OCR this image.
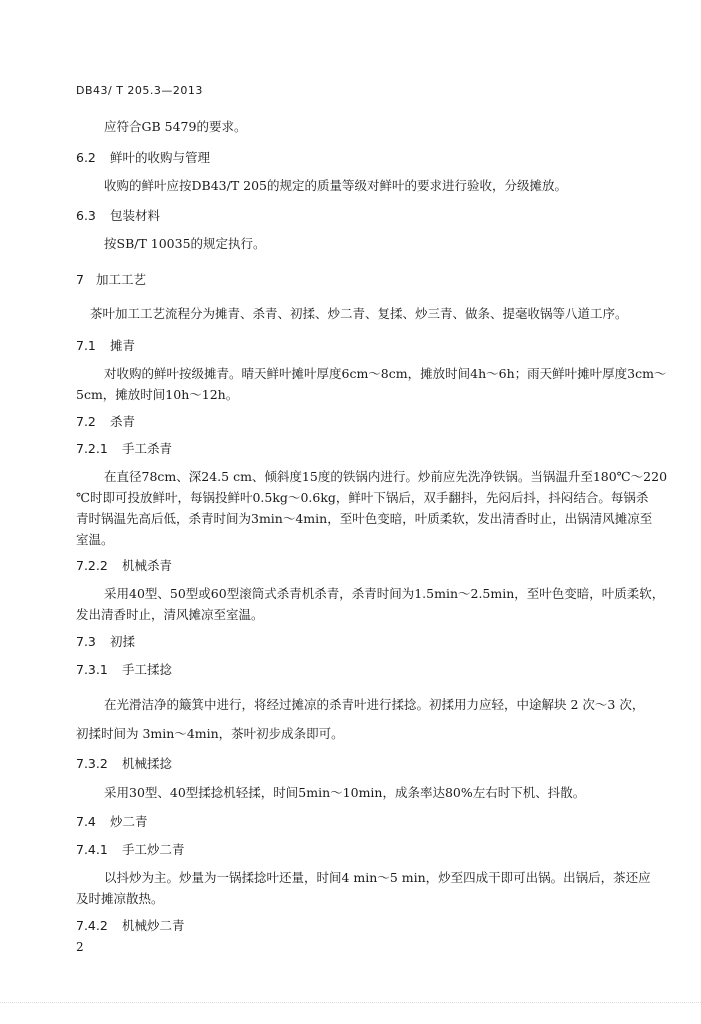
DB43/ T 205.3—2013
应符合GB 5479的要求。
6.2 鲜叶的收购与管理
收购的鲜叶应按DB43/T 205的规定的质量等级对鲜叶的要求进行验收，分级摊放。
6.3 包装材料
按SB/T 10035的规定执行。
7 加工工艺
茶叶加工工艺流程分为摊青、杀青、初揉、炒二青、复揉、炒三青、做条、提毫收锅等八道工序。
7.1 摊青
对收购的鲜叶按级摊青。晴天鲜叶摊叶厚度6cm～8cm，摊放时间4h～6h；雨天鲜叶摊叶厚度3cm～
5cm，摊放时间10h～12h。
7.2 杀青
7.2.1 手工杀青
在直径78cm、深24.5 cm、倾斜度15度的铁锅内进行。炒前应先洗净铁锅。当锅温升至180℃～220
℃时即可投放鲜叶，每锅投鲜叶0.5kg～0.6kg，鲜叶下锅后，双手翻抖，先闷后抖，抖闷结合。每锅杀
青时锅温先高后低，杀青时间为3min～4min，至叶色变暗，叶质柔软，发出清香时止，出锅清风摊凉至
室温。
7.2.2 机械杀青
采用40型、50型或60型滚筒式杀青机杀青，杀青时间为1.5min～2.5min，至叶色变暗，叶质柔软，
发出清香时止，清风摊凉至室温。
7.3 初揉
7.3.1 手工揉捻
在光滑洁净的簸箕中进行，将经过摊凉的杀青叶进行揉捻。初揉用力应轻，中途解块 2 次～3 次，
初揉时间为 3min～4min，茶叶初步成条即可。
7.3.2 机械揉捻
采用30型、40型揉捻机轻揉，时间5min～10min，成条率达80%左右时下机、抖散。
7.4 炒二青
7.4.1 手工炒二青
以抖炒为主。炒量为一锅揉捻叶还量，时间4 min～5 min，炒至四成干即可出锅。出锅后，茶还应
及时摊凉散热。
7.4.2 机械炒二青
2
